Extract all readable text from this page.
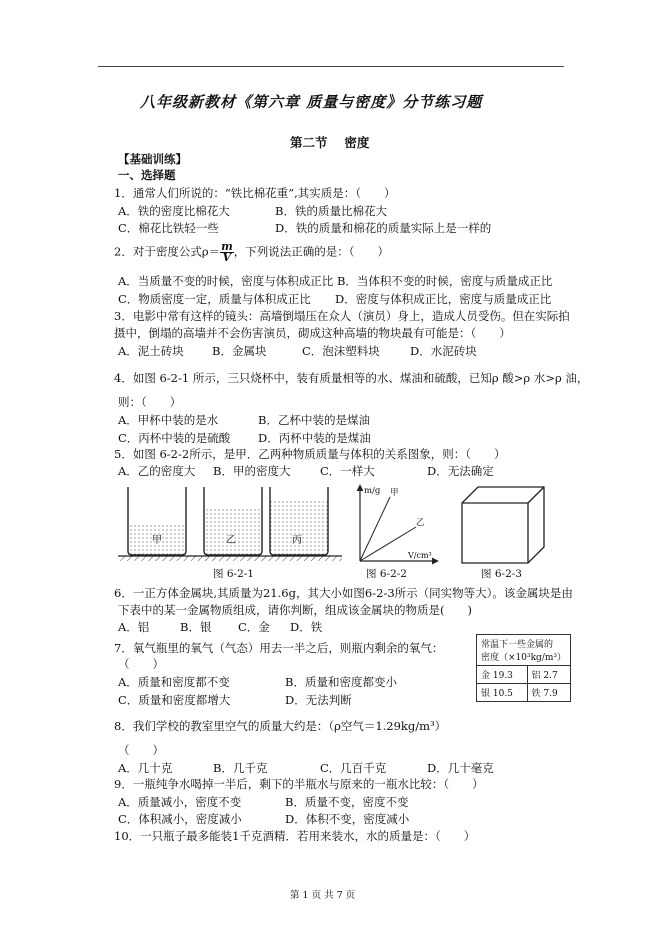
八年级新教材《第六章 质量与密度》分节练习题
第二节　 密度
【基础训练】
一、选择题
1．通常人们所说的：“铁比棉花重”,其实质是：（　　）
A．铁的密度比棉花大	B．铁的质量比棉花大
C．棉花比铁轻一些	D．铁的质量和棉花的质量实际上是一样的
2．对于密度公式$\rho= \frac{m}{V}$ ，下列说法正确的是：（　　）
A．当质量不变的时候，密度与体积成正比 B．当体积不变的时候，密度与质量成正比
C．物质密度一定，质量与体积成正比 D．密度与体积成正比，密度与质量成正比
3．电影中常有这样的镜头：高墙倒塌压在众人（演员）身上，造成人员受伤。但在实际拍
摄中，倒塌的高墙并不会伤害演员，砌成这种高墙的物块最有可能是：（　　）
A．泥土砖块 B．金属块	C．泡沫塑料块	D．水泥砖块
4．如图 6-2-1 所示，三只烧杯中，装有质量相等的水、煤油和硫酸，已知ρ 酸>ρ 水>ρ 油，
则：（　　）
A．甲杯中装的是水	B．乙杯中装的是煤油
C．丙杯中装的是硫酸 D．丙杯中装的是煤油
5．如图 6-2-2所示，是甲．乙两种物质质量与体积的关系图象，则：（　　）
A．乙的密度大 B．甲的密度大	C．一样大	D．无法确定
甲	乙	丙
图 6-2-1
m/g 甲
乙
V/cm³
图 6-2-2	图 6-2-3
6．一正方体金属块,其质量为21.6g，其大小如图6-2-3所示（同实物等大）。该金属块是由
下表中的某一金属物质组成，请你判断，组成该金属块的物质是(　　)
A．铝	B．银 C．金 D．铁
常温下一些金属的
密度（×10³kg/m³）	

金 19.3	铝 2.7
银 10.5	铁 7.9
7．氧气瓶里的氧气（气态）用去一半之后，则瓶内剩余的氧气：
（　　）
A．质量和密度都不变	B．质量和密度都变小
C．质量和密度都增大	D．无法判断
8．我们学校的教室里空气的质量大约是：（ρ空气＝1.29kg/m³）
（　　）
A．几十克	B．几千克	C．几百千克	D．几十毫克
9．一瓶纯争水喝掉一半后，剩下的半瓶水与原来的一瓶水比较：（　　）
A．质量减小，密度不变	B．质量不变，密度不变
C．体积减小，密度减小	D．体积不变，密度减小
10．一只瓶子最多能装1千克酒精．若用来装水，水的质量是：（　　）
第 1 页 共 7 页
